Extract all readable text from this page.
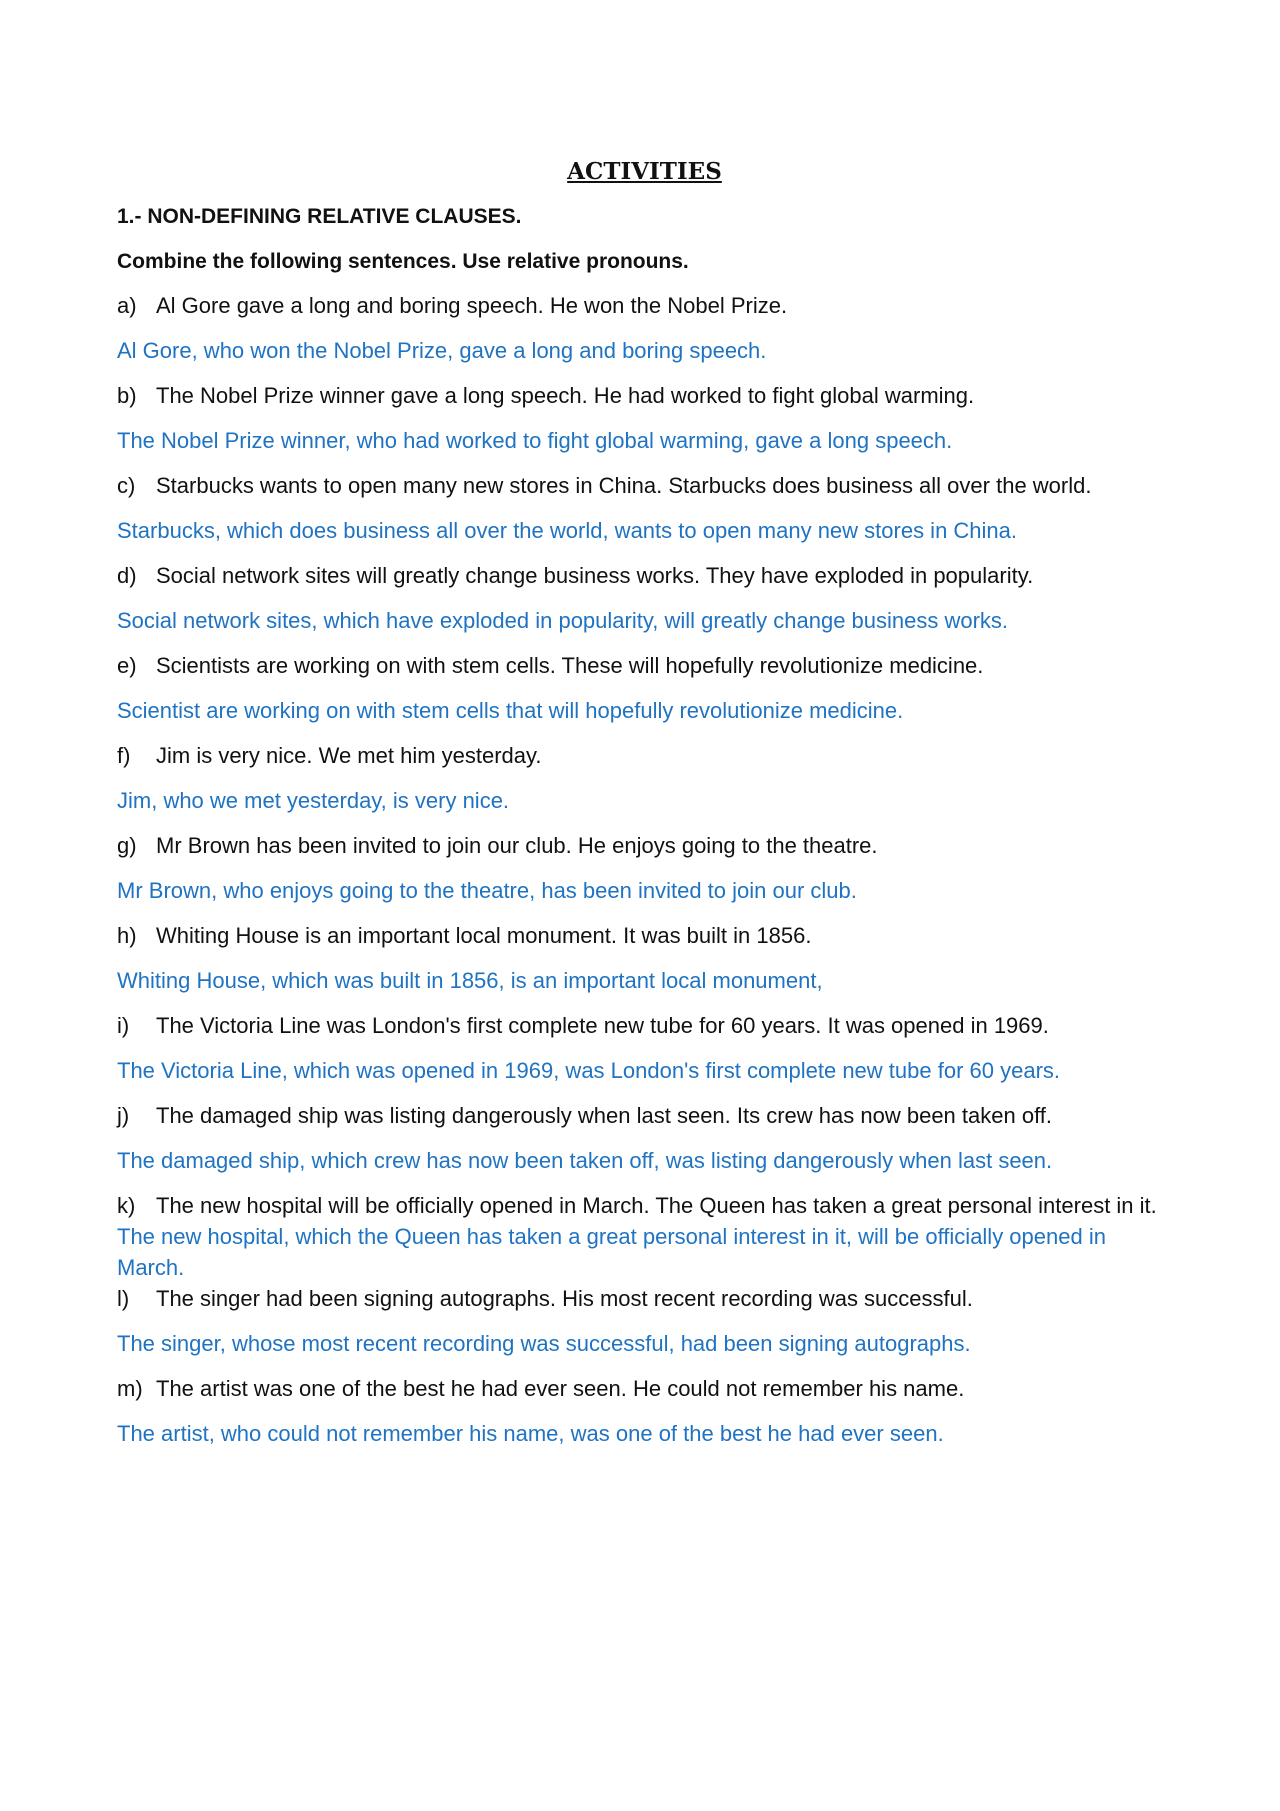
ACTIVITIES
1.- NON-DEFINING RELATIVE CLAUSES.
Combine the following sentences. Use relative pronouns.
a) Al Gore gave a long and boring speech. He won the Nobel Prize.
Al Gore, who won the Nobel Prize, gave a long and boring speech.
b) The Nobel Prize winner gave a long speech. He had worked to fight global warming.
The Nobel Prize winner, who had worked to fight global warming, gave a long speech.
c) Starbucks wants to open many new stores in China. Starbucks does business all over the world.
Starbucks, which does business all over the world, wants to open many new stores in China.
d) Social network sites will greatly change business works. They have exploded in popularity.
Social network sites, which have exploded in popularity, will greatly change business works.
e) Scientists are working on with stem cells. These will hopefully revolutionize medicine.
Scientist are working on with stem cells that will hopefully revolutionize medicine.
f)	Jim is very nice. We met him yesterday.
Jim, who we met yesterday, is very nice.
g) Mr Brown has been invited to join our club. He enjoys going to the theatre.
Mr Brown, who enjoys going to the theatre, has been invited to join our club.
h) Whiting House is an important local monument. It was built in 1856.
Whiting House, which was built in 1856, is an important local monument,
i)	The Victoria Line was London's first complete new tube for 60 years. It was opened in 1969.
The Victoria Line, which was opened in 1969, was London's first complete new tube for 60 years.
j)	The damaged ship was listing dangerously when last seen. Its crew has now been taken off.
The damaged ship, which crew has now been taken off, was listing dangerously when last seen.
k) The new hospital will be officially opened in March. The Queen has taken a great personal interest in it.
The new hospital, which the Queen has taken a great personal interest in it, will be officially opened in March.
l)	The singer had been signing autographs. His most recent recording was successful.
The singer, whose most recent recording was successful, had been signing autographs.
m) The artist was one of the best he had ever seen. He could not remember his name.
The artist, who could not remember his name, was one of the best he had ever seen.
